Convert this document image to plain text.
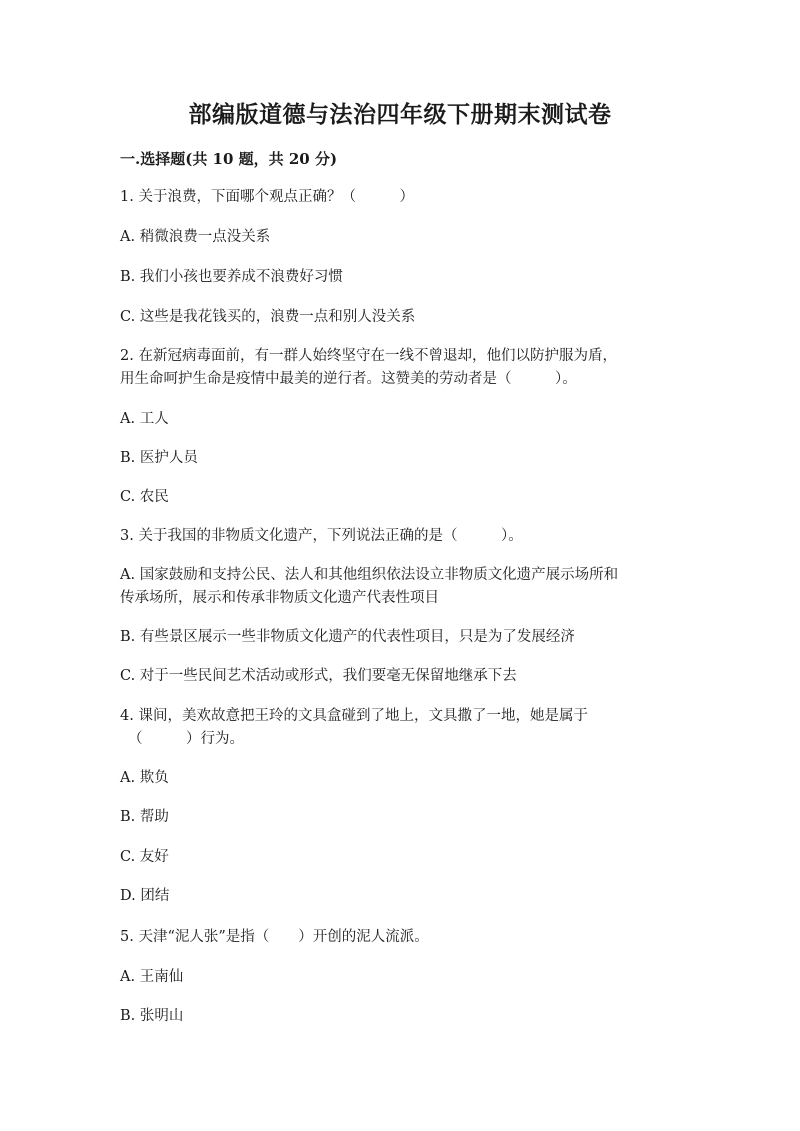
部编版道德与法治四年级下册期末测试卷

一.选择题(共 10 题，共 20 分)

1. 关于浪费，下面哪个观点正确？（　　　）

A. 稍微浪费一点没关系

B. 我们小孩也要养成不浪费好习惯

C. 这些是我花钱买的，浪费一点和别人没关系

2. 在新冠病毒面前，有一群人始终坚守在一线不曾退却，他们以防护服为盾，

用生命呵护生命是疫情中最美的逆行者。这赞美的劳动者是（　　　）。

A. 工人

B. 医护人员

C. 农民

3. 关于我国的非物质文化遗产，下列说法正确的是（　　　）。

A. 国家鼓励和支持公民、法人和其他组织依法设立非物质文化遗产展示场所和

传承场所，展示和传承非物质文化遗产代表性项目

B. 有些景区展示一些非物质文化遗产的代表性项目，只是为了发展经济

C. 对于一些民间艺术活动或形式，我们要毫无保留地继承下去

4. 课间，美欢故意把王玲的文具盒碰到了地上，文具撒了一地，她是属于

（　　　）行为。

A. 欺负

B. 帮助

C. 友好

D. 团结

5. 天津“泥人张”是指（　　）开创的泥人流派。

A. 王南仙

B. 张明山
